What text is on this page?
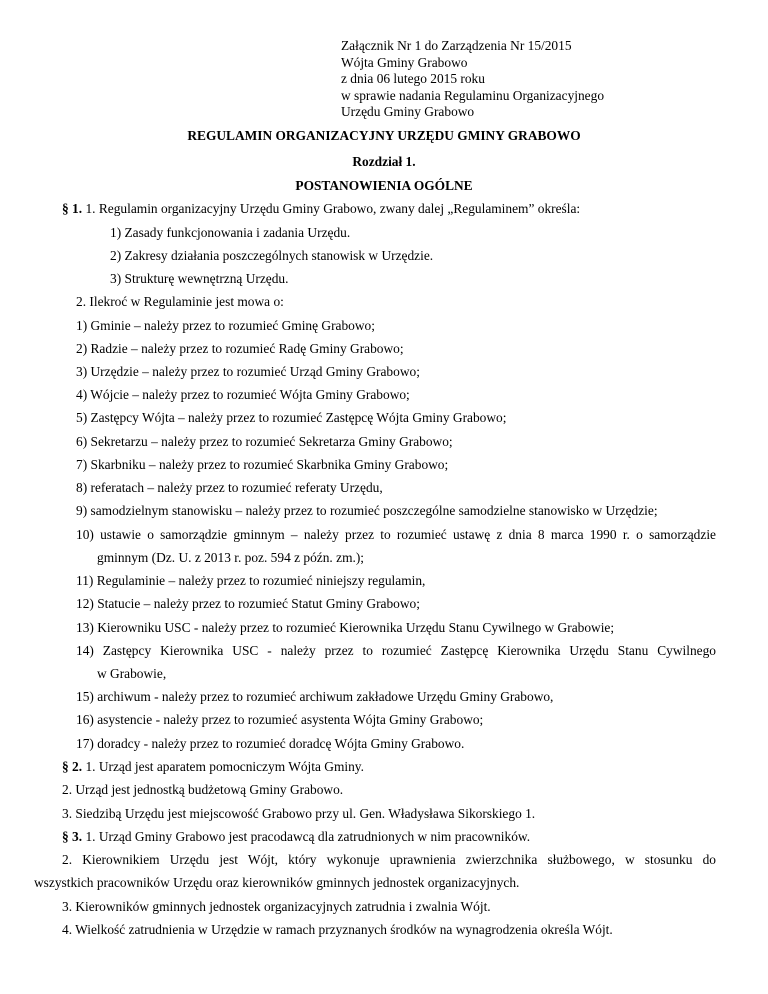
Załącznik Nr 1 do Zarządzenia Nr 15/2015
Wójta Gminy Grabowo
z dnia 06 lutego 2015 roku
w sprawie nadania Regulaminu Organizacyjnego
Urzędu Gminy Grabowo
REGULAMIN ORGANIZACYJNY URZĘDU GMINY GRABOWO
Rozdział 1.
POSTANOWIENIA OGÓLNE
§ 1. 1. Regulamin organizacyjny Urzędu Gminy Grabowo, zwany dalej „Regulaminem” określa:
1) Zasady funkcjonowania i zadania Urzędu.
2) Zakresy działania poszczególnych stanowisk w Urzędzie.
3) Strukturę wewnętrzną Urzędu.
2. Ilekroć w Regulaminie jest mowa o:
1) Gminie – należy przez to rozumieć Gminę Grabowo;
2) Radzie – należy przez to rozumieć Radę Gminy Grabowo;
3) Urzędzie – należy przez to rozumieć Urząd Gminy Grabowo;
4) Wójcie – należy przez to rozumieć Wójta Gminy Grabowo;
5) Zastępcy Wójta – należy przez to rozumieć Zastępcę Wójta Gminy Grabowo;
6) Sekretarzu – należy przez to rozumieć Sekretarza Gminy Grabowo;
7) Skarbniku – należy przez to rozumieć Skarbnika Gminy Grabowo;
8) referatach – należy przez to rozumieć referaty Urzędu,
9) samodzielnym stanowisku – należy przez to rozumieć poszczególne samodzielne stanowisko w Urzędzie;
10) ustawie o samorządzie gminnym – należy przez to rozumieć ustawę z dnia 8 marca 1990 r. o samorządzie
gminnym (Dz. U. z 2013 r. poz. 594 z późn. zm.);
11) Regulaminie – należy przez to rozumieć niniejszy regulamin,
12) Statucie – należy przez to rozumieć Statut Gminy Grabowo;
13) Kierowniku USC - należy przez to rozumieć Kierownika Urzędu Stanu Cywilnego w Grabowie;
14) Zastępcy Kierownika USC - należy przez to rozumieć Zastępcę Kierownika Urzędu Stanu Cywilnego
w Grabowie,
15) archiwum - należy przez to rozumieć archiwum zakładowe Urzędu Gminy Grabowo,
16) asystencie - należy przez to rozumieć asystenta Wójta Gminy Grabowo;
17) doradcy - należy przez to rozumieć doradcę Wójta Gminy Grabowo.
§ 2. 1. Urząd jest aparatem pomocniczym Wójta Gminy.
2. Urząd jest jednostką budżetową Gminy Grabowo.
3. Siedzibą Urzędu jest miejscowość Grabowo przy ul. Gen. Władysława Sikorskiego 1.
§ 3. 1. Urząd Gminy Grabowo jest pracodawcą dla zatrudnionych w nim pracowników.
2. Kierownikiem Urzędu jest Wójt, który wykonuje uprawnienia zwierzchnika służbowego, w stosunku do
wszystkich pracowników Urzędu oraz kierowników gminnych jednostek organizacyjnych.
3. Kierowników gminnych jednostek organizacyjnych zatrudnia i zwalnia Wójt.
4. Wielkość zatrudnienia w Urzędzie w ramach przyznanych środków na wynagrodzenia określa Wójt.
